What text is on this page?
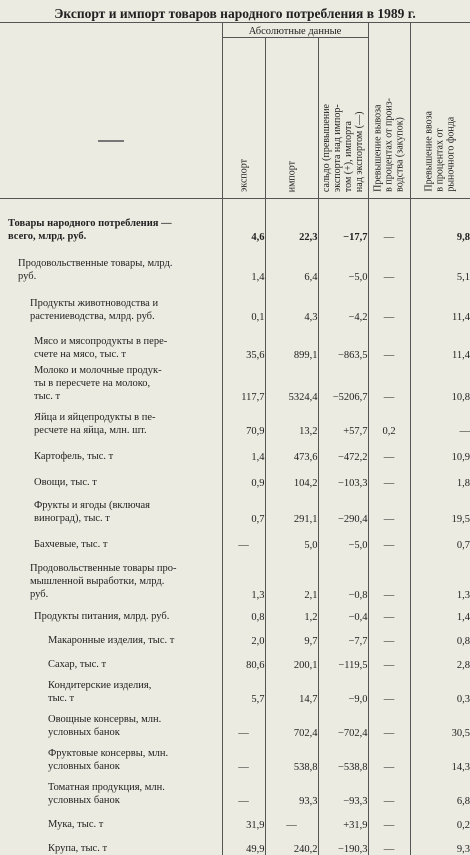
Экспорт и импорт товаров народного потребления в 1989 г.

	Абсолютные данные			Превышение вывоза
в процентах от произ-
водства (закупок)	Превышение ввоза
в процентах от
рыночного фонда

	экспорт	импорт	сальдо (превышение
экспорта над импор-
том (+), импорта
над экспортом (—)		

Товары народного потребления —
всего, млрд. руб.	4,6	22,3	−17,7	—	9,8
Продовольственные товары, млрд.
руб.	1,4	6,4	−5,0	—	5,1
Продукты животноводства и
растениеводства, млрд. руб.	0,1	4,3	−4,2	—	11,4
Мясо и мясопродукты в пере-
счете на мясо, тыс. т	35,6	899,1	−863,5	—	11,4
Молоко и молочные продук-
ты в пересчете на молоко,
тыс. т	117,7	5324,4	−5206,7	—	10,8
Яйца и яйцепродукты в пе-
ресчете на яйца, млн. шт.	70,9	13,2	+57,7	0,2	—
Картофель, тыс. т	1,4	473,6	−472,2	—	10,9
Овощи, тыс. т	0,9	104,2	−103,3	—	1,8
Фрукты и ягоды (включая
виноград), тыс. т	0,7	291,1	−290,4	—	19,5
Бахчевые, тыс. т	—	5,0	−5,0	—	0,7
Продовольственные товары про-
мышленной выработки, млрд.
руб.	1,3	2,1	−0,8	—	1,3
Продукты питания, млрд. руб.	0,8	1,2	−0,4	—	1,4
Макаронные изделия, тыс. т	2,0	9,7	−7,7	—	0,8
Сахар, тыс. т	80,6	200,1	−119,5	—	2,8
Кондитерские изделия,
тыс. т	5,7	14,7	−9,0	—	0,3
Овощные консервы, млн.
условных банок	—	702,4	−702,4	—	30,5
Фруктовые консервы, млн.
условных банок	—	538,8	−538,8	—	14,3
Томатная продукция, млн.
условных банок	—	93,3	−93,3	—	6,8
Мука, тыс. т	31,9	—	+31,9	—	0,2
Крупа, тыс. т	49,9	240,2	−190,3	—	9,3
